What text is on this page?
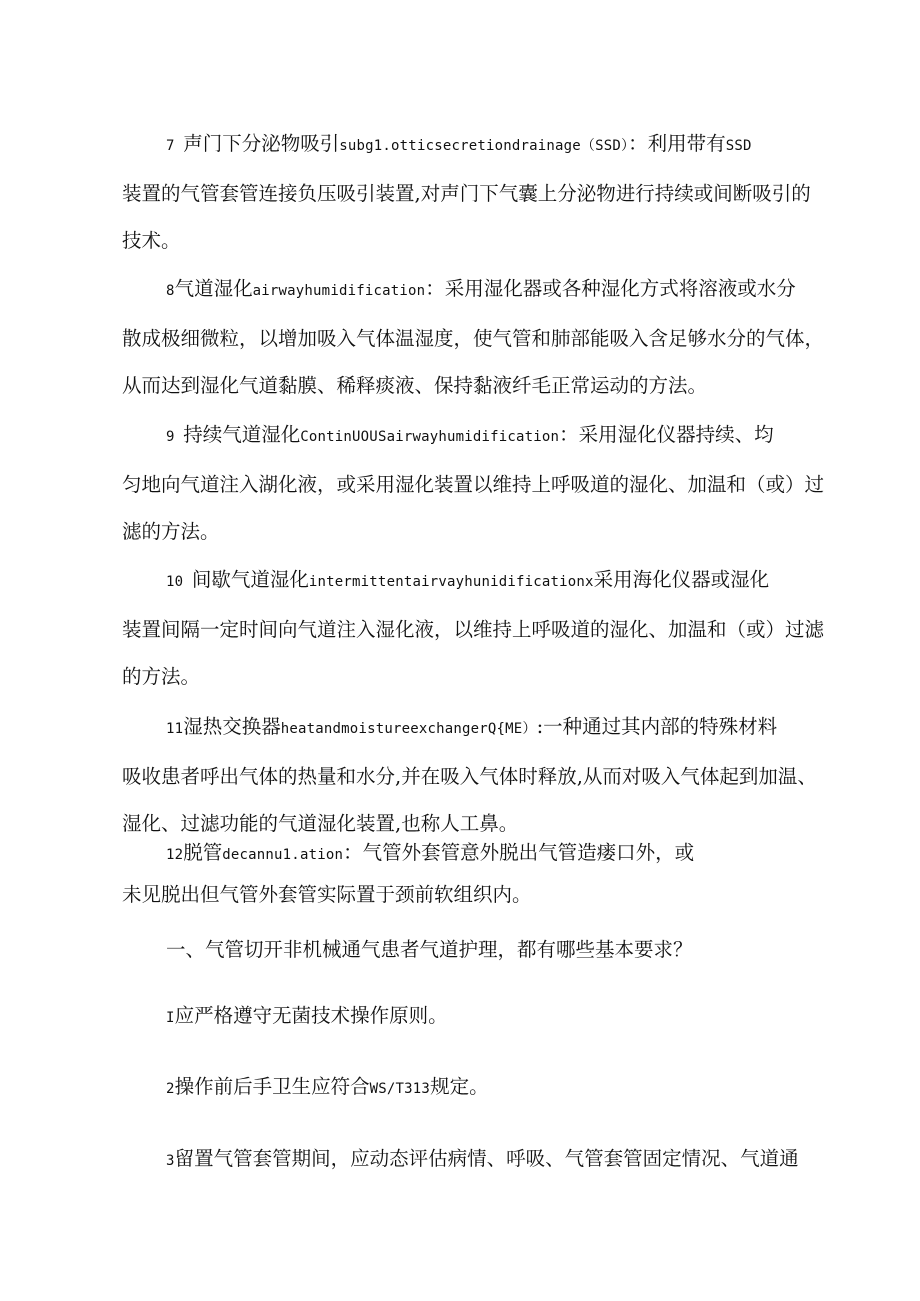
7 声门下分泌物吸引subg1.otticsecretiondrainage（SSD）：利用带有SSD
装置的气管套管连接负压吸引装置,对声门下气囊上分泌物进行持续或间断吸引的
技术。
8气道湿化airwayhumidification：采用湿化器或各种湿化方式将溶液或水分
散成极细微粒，以增加吸入气体温湿度，使气管和肺部能吸入含足够水分的气体，
从而达到湿化气道黏膜、稀释痰液、保持黏液纤毛正常运动的方法。
9 持续气道湿化ContinUOUSairwayhumidification：采用湿化仪器持续、均
匀地向气道注入湖化液，或采用湿化装置以维持上呼吸道的湿化、加温和（或）过
滤的方法。
10 间歇气道湿化intermittentairvayhunidificationx采用海化仪器或湿化
装置间隔一定时间向气道注入湿化液，以维持上呼吸道的湿化、加温和（或）过滤
的方法。
11湿热交换器heatandmoistureexchangerQ{ME）:一种通过其内部的特殊材料
吸收患者呼出气体的热量和水分,并在吸入气体时释放,从而对吸入气体起到加温、
湿化、过滤功能的气道湿化装置,也称人工鼻。
12脱管decannu1.ation：气管外套管意外脱出气管造瘘口外，或
未见脱出但气管外套管实际置于颈前软组织内。

一、气管切开非机械通气患者气道护理，都有哪些基本要求？

I应严格遵守无菌技术操作原则。

2操作前后手卫生应符合WS/T313规定。

3留置气管套管期间，应动态评估病情、呼吸、气管套管固定情况、气道通
